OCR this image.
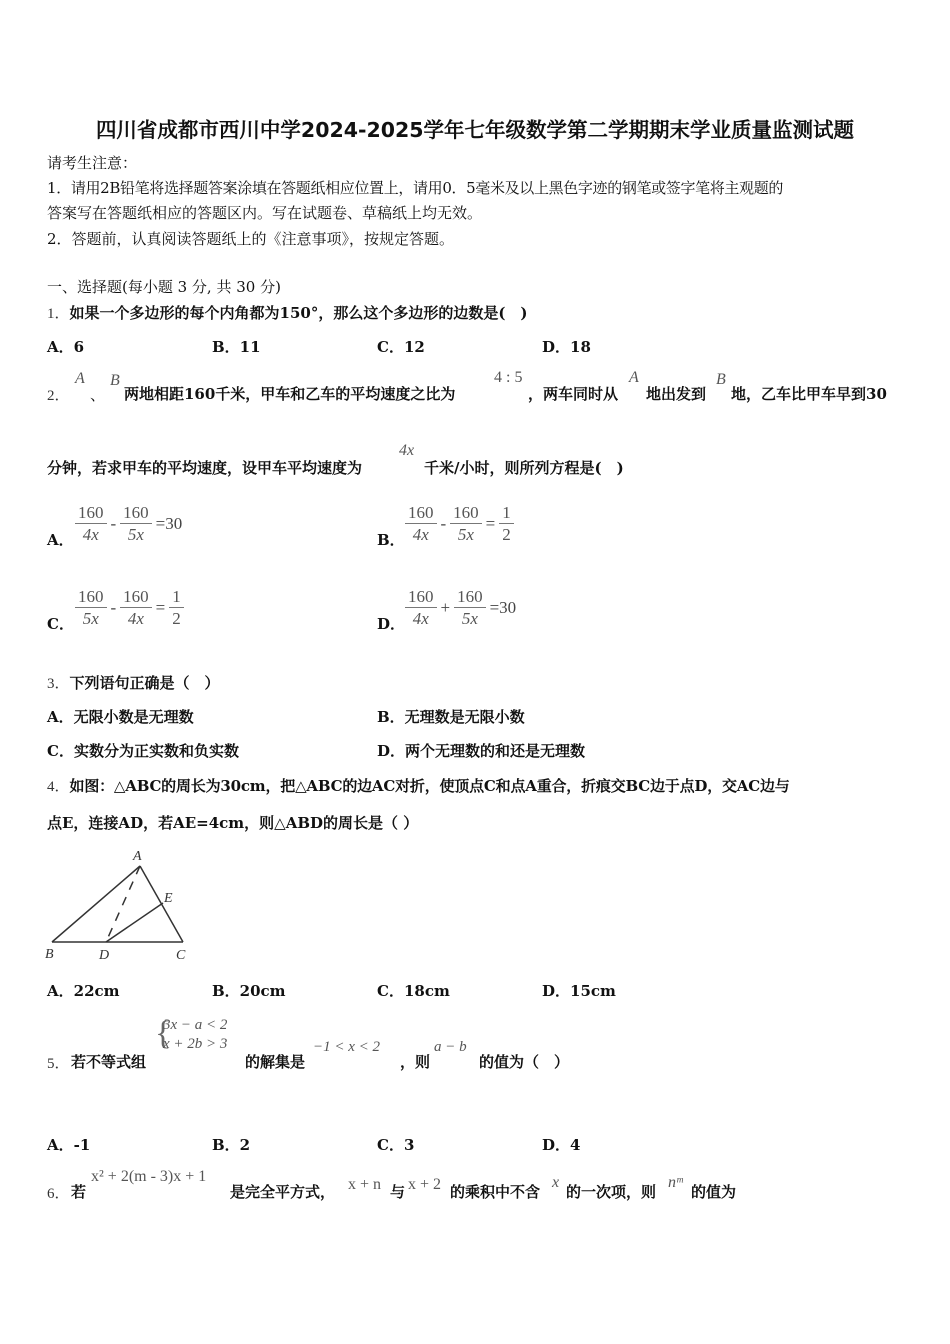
四川省成都市西川中学2024-2025学年七年级数学第二学期期末学业质量监测试题
请考生注意：
1．请用2B铅笔将选择题答案涂填在答题纸相应位置上，请用0．5毫米及以上黑色字迹的钢笔或签字笔将主观题的
答案写在答题纸相应的答题区内。写在试题卷、草稿纸上均无效。
2．答题前，认真阅读答题纸上的《注意事项》，按规定答题。
一、选择题(每小题 3 分, 共 30 分)
1．如果一个多边形的每个内角都为150°，那么这个多边形的边数是(　)
A．6	B．11	C．12	D．18
2．
A
、
B
两地相距160千米，甲车和乙车的平均速度之比为
4 : 5
，两车同时从
A
地出发到
B
地，乙车比甲车早到30
分钟，若求甲车的平均速度，设甲车平均速度为
4x
千米/小时，则所列方程是(　)
A． $\frac{160}{4x} - \frac{160}{5x} =30$
B． $\frac{160}{4x} - \frac{160}{5x} = \frac{1}{2}$
C． $\frac{160}{5x} - \frac{160}{4x} = \frac{1}{2}$	D． $\frac{160}{4x} + \frac{160}{5x} =30$
3．下列语句正确是（　）
A．无限小数是无理数	B．无理数是无限小数
C．实数分为正实数和负实数	D．两个无理数的和还是无理数
4．如图：△ABC的周长为30cm，把△ABC的边AC对折，使顶点C和点A重合，折痕交BC边于点D，交AC边与
点E，连接AD，若AE=4cm，则△ABD的周长是（ ）
A
B	C
D
E
A．22cm	B．20cm	C．18cm	D．15cm
5． 若不等式组
{
3x − a < 2
x + 2b > 3
的解集是
−1 < x < 2
，则
a − b
的值为（　）
A．-1	B．2	C．3	D．4
6． 若
x² + 2(m - 3)x + 1
是完全平方式， x + n 与 x + 2 的乘积中不含
x
的一次项，则
nᵐ
的值为
